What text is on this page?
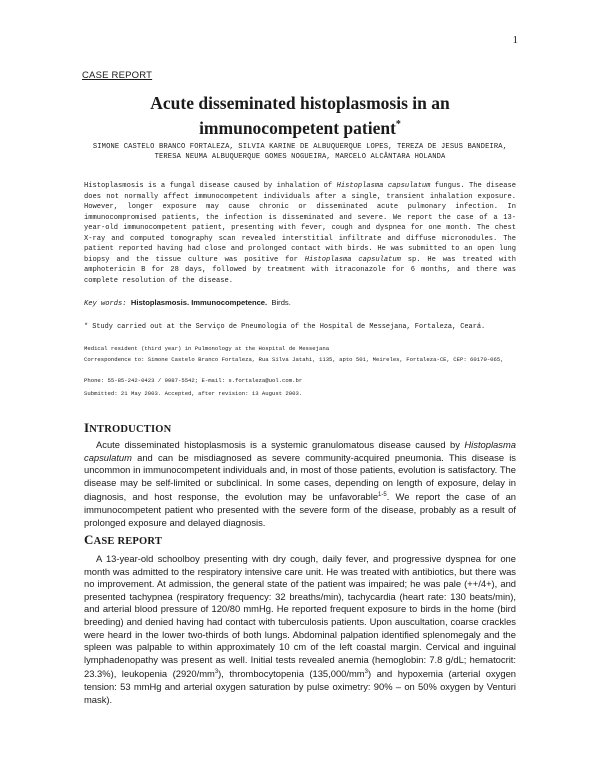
1
CASE REPORT
Acute disseminated histoplasmosis in an immunocompetent patient*
SIMONE CASTELO BRANCO FORTALEZA, SILVIA KARINE DE ALBUQUERQUE LOPES, TEREZA DE JESUS BANDEIRA, TERESA NEUMA ALBUQUERQUE GOMES NOGUEIRA, MARCELO ALCÂNTARA HOLANDA

Histoplasmosis is a fungal disease caused by inhalation of Histoplasma capsulatum fungus. The disease does not normally affect immunocompetent individuals after a single, transient inhalation exposure. However, longer exposure may cause chronic or disseminated acute pulmonary infection. In immunocompromised patients, the infection is disseminated and severe. We report the case of a 13-year-old immunocompetent patient, presenting with fever, cough and dyspnea for one month. The chest X-ray and computed tomography scan revealed interstitial infiltrate and diffuse micronodules. The patient reported having had close and prolonged contact with birds. He was submitted to an open lung biopsy and the tissue culture was positive for Histoplasma capsulatum sp. He was treated with amphotericin B for 28 days, followed by treatment with itraconazole for 6 months, and there was complete resolution of the disease.

Key words: Histoplasmosis. Immunocompetence. Birds.
* Study carried out at the Serviço de Pneumologia of the Hospital de Messejana, Fortaleza, Ceará.
Medical resident (third year) in Pulmonology at the Hospital de Messejana
Correspondence to: Simone Castelo Branco Fortaleza, Rua Silva Jatahi, 1135, apto 501, Meireles, Fortaleza-CE, CEP: 60170-065,
Phone: 55-85-242-0423 / 9987-5542; E-mail: s.fortaleza@uol.com.br
Submitted: 21 May 2003. Accepted, after revision: 13 August 2003.
INTRODUCTION

Acute disseminated histoplasmosis is a systemic granulomatous disease caused by Histoplasma capsulatum and can be misdiagnosed as severe community-acquired pneumonia. This disease is uncommon in immunocompetent individuals and, in most of those patients, evolution is satisfactory. The disease may be self-limited or subclinical. In some cases, depending on length of exposure, delay in diagnosis, and host response, the evolution may be unfavorable$^{1-5}$. We report the case of an immunocompetent patient who presented with the severe form of the disease, probably as a result of prolonged exposure and delayed diagnosis.

CASE REPORT

A 13-year-old schoolboy presenting with dry cough, daily fever, and progressive dyspnea for one month was admitted to the respiratory intensive care unit. He was treated with antibiotics, but there was no improvement. At admission, the general state of the patient was impaired; he was pale (++/4+), and presented tachypnea (respiratory frequency: 32 breaths/min), tachycardia (heart rate: 130 beats/min), and arterial blood pressure of 120/80 mmHg. He reported frequent exposure to birds in the home (bird breeding) and denied having had contact with tuberculosis patients. Upon auscultation, coarse crackles were heard in the lower two-thirds of both lungs. Abdominal palpation identified splenomegaly and the spleen was palpable to within approximately 10 cm of the left coastal margin. Cervical and inguinal lymphadenopathy was present as well. Initial tests revealed anemia (hemoglobin: 7.8 g/dL; hematocrit: 23.3%), leukopenia $(2920/mm^3)$, thrombocytopenia $(135,000/mm^3)$ and hypoxemia (arterial oxygen tension: 53 mmHg and arterial oxygen saturation by pulse oximetry: 90% – on 50% oxygen by Venturi mask).
